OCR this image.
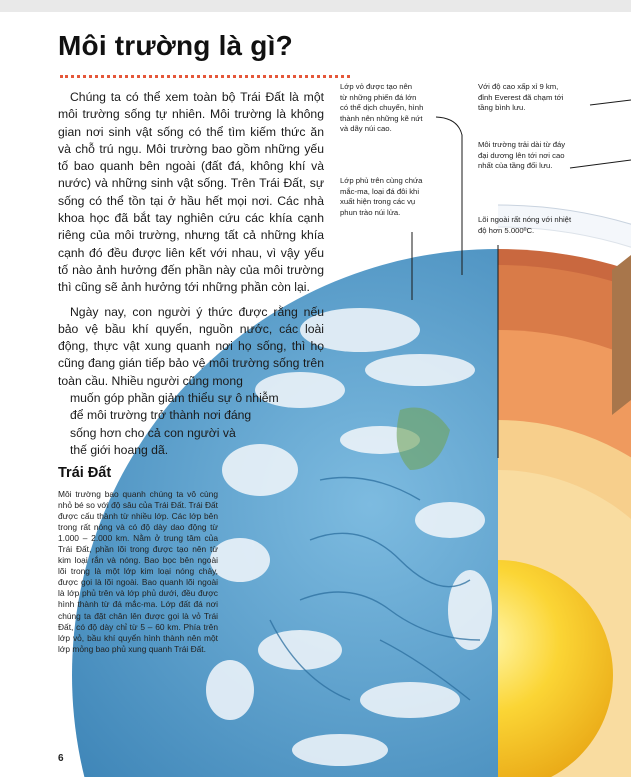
Môi trường là gì?

Chúng ta có thể xem toàn bộ Trái Đất là một môi trường sống tự nhiên. Môi trường là không gian nơi sinh vật sống có thể tìm kiếm thức ăn và chỗ trú ngụ. Môi trường bao gồm những yếu tố bao quanh bên ngoài (đất đá, không khí và nước) và những sinh vật sống. Trên Trái Đất, sự sống có thể tồn tại ở hầu hết mọi nơi. Các nhà khoa học đã bắt tay nghiên cứu các khía cạnh riêng của môi trường, nhưng tất cả những khía cạnh đó đều được liên kết với nhau, vì vậy yếu tố nào ảnh hưởng đến phần này của môi trường thì cũng sẽ ảnh hưởng tới những phần còn lại.

Ngày nay, con người ý thức được rằng nếu bảo vệ bầu khí quyển, nguồn nước, các loài động, thực vật xung quanh nơi họ sống, thì họ cũng đang gián tiếp bảo vệ môi trường sống trên toàn cầu. Nhiều người cũng mong
muốn góp phần giảm thiểu sự ô nhiễm
để môi trường trở thành nơi đáng
sống hơn cho cả con người và
thế giới hoang dã.

Trái Đất

Môi trường bao quanh chúng ta vô cùng nhỏ bé so với độ sâu của Trái Đất. Trái Đất được cấu thành từ nhiều lớp. Các lớp bên trong rất nóng và có độ dày dao động từ 1.000 – 2.000 km. Nằm ở trung tâm của Trái Đất, phần lõi trong được tạo nên từ kim loại rắn và nóng. Bao bọc bên ngoài lõi trong là một lớp kim loại nóng chảy, được gọi là lõi ngoài. Bao quanh lõi ngoài là lớp phủ trên và lớp phủ dưới, đều được hình thành từ đá mắc-ma. Lớp đất đá nơi chúng ta đặt chân lên được gọi là vỏ Trái Đất, có độ dày chỉ từ 5 – 60 km. Phía trên lớp vỏ, bầu khí quyển hình thành nên một lớp mỏng bao phủ xung quanh Trái Đất.

6

Lớp vỏ được tạo nên
từ những phiến đá lớn
có thể dịch chuyển, hình
thành nên những kẽ nứt
và dãy núi cao.

Lớp phủ trên cùng chứa
mắc-ma, loại đá đôi khi
xuất hiện trong các vụ
phun trào núi lửa.

Với độ cao xấp xỉ 9 km,
đỉnh Everest đã chạm tới
tầng bình lưu.

Môi trường trải dài từ đáy
đại dương lên tới nơi cao
nhất của tầng đối lưu.

Lõi ngoài rất nóng với nhiệt
độ hơn 5.000ºC.
